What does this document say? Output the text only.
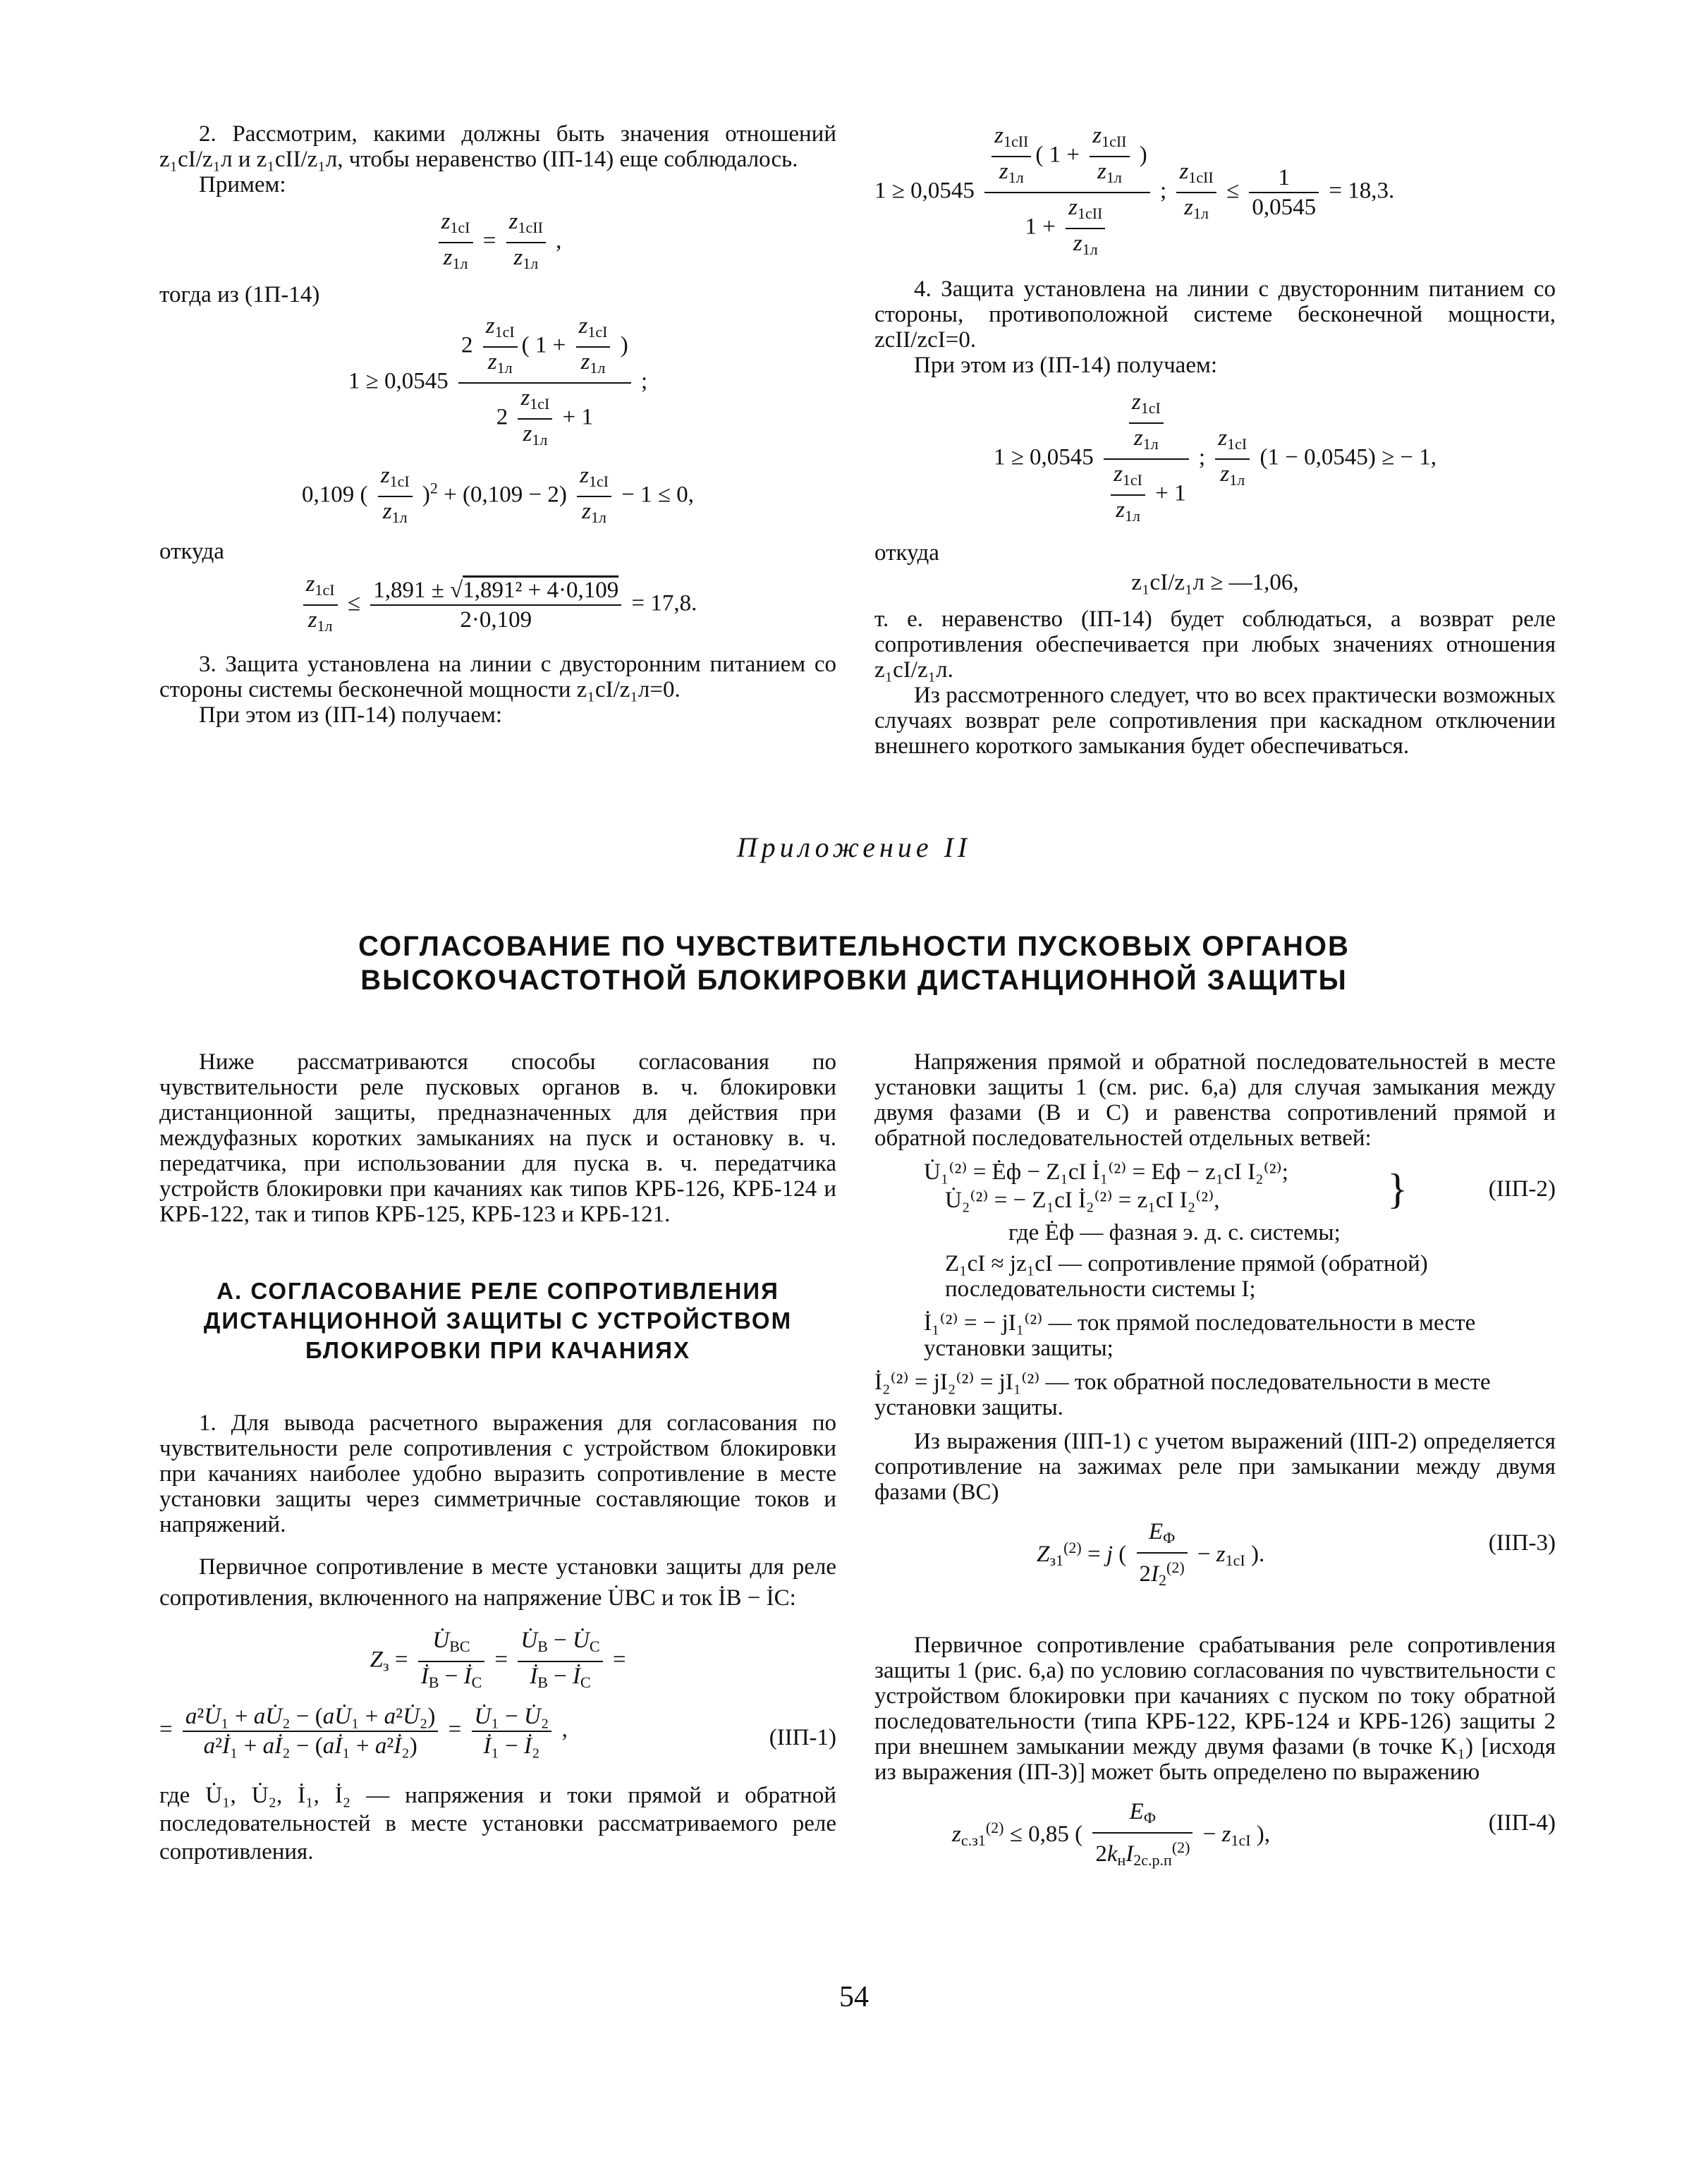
2. Рассмотрим, какими должны быть значения отношений z₁cI/z₁л и z₁cII/z₁л, чтобы неравенство (IП-14) еще соблюдалось.

Примем:

$\frac{z_{1cI}}{z_{1л}} = \frac{z_{1cII}}{z_{1л}}$ ,

тогда из (1П-14)

$1 \ge 0,0545 \frac{2 \frac{z_{1cI}}{z_{1л}} ( 1 + \frac{z_{1cI}}{z_{1л}} )}{2 \frac{z_{1cI}}{z_{1л}} + 1}$ ;
0,109 ( $\frac{z_{1cI}}{z_{1л}} )^2 + (0,109 - 2) \frac{z_{1cI}}{z_{1л}} - 1 \le 0$,

откуда

$\frac{z_{1cI}}{z_{1л}} \le \frac{\text{1,891 ± √1,891² + 4·0,109}}{2\cdot 0,109} = 17,8$.

3. Защита установлена на линии с двусторонним питанием со стороны системы бесконечной мощности z₁cI/z₁л=0.

При этом из (IП-14) получаем:

$1 \ge 0,0545 \frac{\frac{z_{1cII}}{z_{1л}} ( 1 + \frac{z_{1cII}}{z_{1л}} )}{1 + \frac{z_{1cII}}{z_{1л}}}$ ; $\frac{z_{1cII}}{z_{1л}} \le \frac{1}{0,0545} = 18,3$.

4. Защита установлена на линии с двусторонним питанием со стороны, противоположной системе бесконечной мощности, zcII/zcI=0.

При этом из (IП-14) получаем:

$1 \ge 0,0545 \frac{\frac{z_{1cI}}{z_{1л}}}{\frac{z_{1cI}}{z_{1л}} + 1}$ ; $\frac{z_{1cI}}{z_{1л}} (1 - 0,0545)$ ≥ − 1,

откуда

z₁cI/z₁л ≥ —1,06,

т. е. неравенство (IП-14) будет соблюдаться, а возврат реле сопротивления обеспечивается при любых значениях отношения z₁cI/z₁л.

Из рассмотренного следует, что во всех практически возможных случаях возврат реле сопротивления при каскадном отключении внешнего короткого замыкания будет обеспечиваться.

Приложение II
СОГЛАСОВАНИЕ ПО ЧУВСТВИТЕЛЬНОСТИ ПУСКОВЫХ ОРГАНОВ
ВЫСОКОЧАСТОТНОЙ БЛОКИРОВКИ ДИСТАНЦИОННОЙ ЗАЩИТЫ

Ниже рассматриваются способы согласования по чувствительности реле пусковых органов в. ч. блокировки дистанционной защиты, предназначенных для действия при междуфазных коротких замыканиях на пуск и остановку в. ч. передатчика, при использовании для пуска в. ч. передатчика устройств блокировки при качаниях как типов КРБ-126, КРБ-124 и КРБ-122, так и типов КРБ-125, КРБ-123 и КРБ-121.

А. СОГЛАСОВАНИЕ РЕЛЕ СОПРОТИВЛЕНИЯ
ДИСТАНЦИОННОЙ ЗАЩИТЫ С УСТРОЙСТВОМ
БЛОКИРОВКИ ПРИ КАЧАНИЯХ

1. Для вывода расчетного выражения для согласования по чувствительности реле сопротивления с устройством блокировки при качаниях наиболее удобно выразить сопротивление в месте установки защиты через симметричные составляющие токов и напряжений.

Первичное сопротивление в месте установки защиты для реле сопротивления, включенного на напряжение U̇BC и ток İB − İC:

$Z_з = \frac{U̇_{BC}}{İ_B - İ_C} = \frac{U̇_B - U̇_C}{İ_B - İ_C}$ =
= $\frac{\text{a²U̇₁ + aU̇₂ − (aU̇₁ + a²U̇₂)}}{\text{a²İ₁ + aİ₂ − (aİ₁ + a²İ₂)}} = \frac{\text{U̇₁ − U̇₂}}{\text{İ₁ − İ₂}}$ ,	(IIП-1)

где U̇₁, U̇₂, İ₁, İ₂ — напряжения и токи прямой и обратной последовательностей в месте установки рассматриваемого реле сопротивления.

Напряжения прямой и обратной последовательностей в месте установки защиты 1 (см. рис. 6,а) для случая замыкания между двумя фазами (В и С) и равенства сопротивлений прямой и обратной последовательностей отдельных ветвей:

U̇₁⁽²⁾ = Ėф − Z₁cI İ₁⁽²⁾ = Eф − z₁cI I₂⁽²⁾;
U̇₂⁽²⁾ = − Z₁cI İ₂⁽²⁾ = z₁cI I₂⁽²⁾,	}	(IIП-2)
где Ėф — фазная э. д. с. системы;
Z₁cI ≈ jz₁cI — сопротивление прямой (обратной) последовательности системы I;
İ₁⁽²⁾ = − jI₁⁽²⁾ — ток прямой последовательности в месте установки защиты;
İ₂⁽²⁾ = jI₂⁽²⁾ = jI₁⁽²⁾ — ток обратной последовательности в месте установки защиты.

Из выражения (IIП-1) с учетом выражений (IIП-2) определяется сопротивление на зажимах реле при замыкании между двумя фазами (ВС)

$Z_{з1}^{(2)} = j$ ( $\frac{E_Ф}{2I_2^{(2)}} - z_{1cI}$ ).	(IIП-3)

Первичное сопротивление срабатывания реле сопротивления защиты 1 (рис. 6,а) по условию согласования по чувствительности с устройством блокировки при качаниях с пуском по току обратной последовательности (типа КРБ-122, КРБ-124 и КРБ-126) защиты 2 при внешнем замыкании между двумя фазами (в точке K₁) [исходя из выражения (IП-3)] может быть определено по выражению

$z_{с.з1}^{(2)} \le 0,85$ ( $\frac{E_Ф}{2k_нI_{2с.р.п}^{(2)}} - z_{1cI}$ ),	(IIП-4)
54
